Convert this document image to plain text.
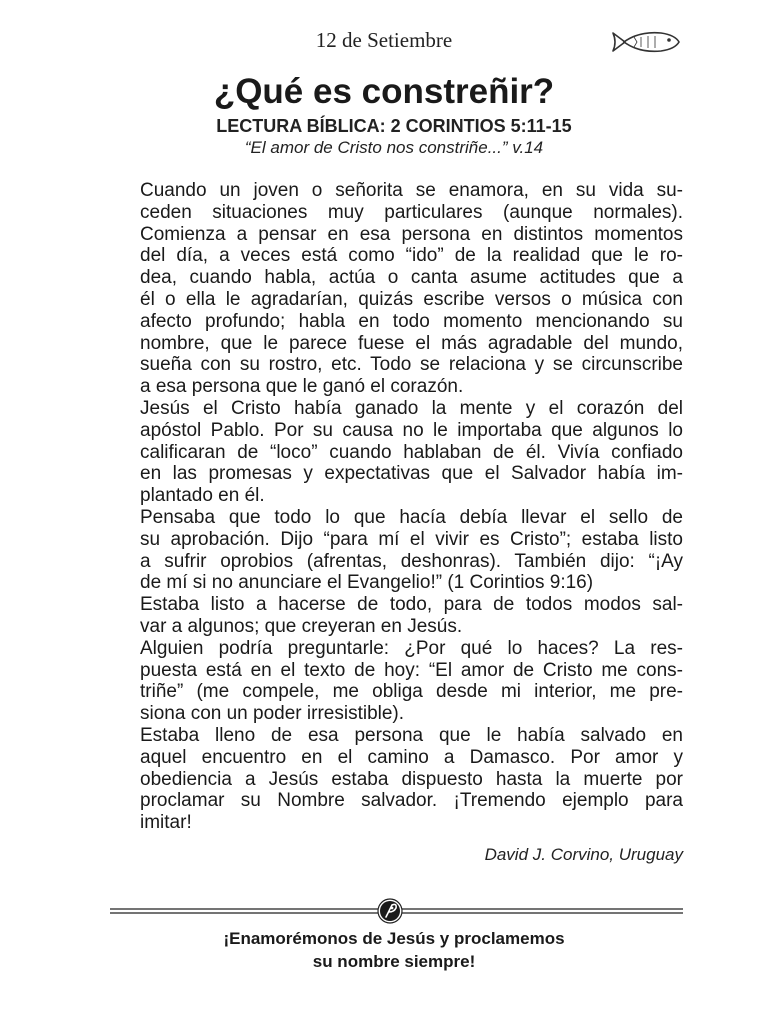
12 de Setiembre
¿Qué es constreñir?
LECTURA BÍBLICA: 2 CORINTIOS 5:11-15
“El amor de Cristo nos constriñe...” v.14

Cuando un joven o señorita se enamora, en su vida su-
ceden situaciones muy particulares (aunque normales).
Comienza a pensar en esa persona en distintos momentos
del día, a veces está como “ido” de la realidad que le ro-
dea, cuando habla, actúa o canta asume actitudes que a
él o ella le agradarían, quizás escribe versos o música con
afecto profundo; habla en todo momento mencionando su
nombre, que le parece fuese el más agradable del mundo,
sueña con su rostro, etc. Todo se relaciona y se circunscribe
a esa persona que le ganó el corazón.

Jesús el Cristo había ganado la mente y el corazón del
apóstol Pablo. Por su causa no le importaba que algunos lo
calificaran de “loco” cuando hablaban de él. Vivía confiado
en las promesas y expectativas que el Salvador había im-
plantado en él.

Pensaba que todo lo que hacía debía llevar el sello de
su aprobación. Dijo “para mí el vivir es Cristo”; estaba listo
a sufrir oprobios (afrentas, deshonras). También dijo: “¡Ay
de mí si no anunciare el Evangelio!” (1 Corintios 9:16)

Estaba listo a hacerse de todo, para de todos modos sal-
var a algunos; que creyeran en Jesús.

Alguien podría preguntarle: ¿Por qué lo haces? La res-
puesta está en el texto de hoy: “El amor de Cristo me cons-
triñe” (me compele, me obliga desde mi interior, me pre-
siona con un poder irresistible).

Estaba lleno de esa persona que le había salvado en
aquel encuentro en el camino a Damasco. Por amor y
obediencia a Jesús estaba dispuesto hasta la muerte por
proclamar su Nombre salvador. ¡Tremendo ejemplo para
imitar!

David J. Corvino, Uruguay
¡Enamorémonos de Jesús y proclamemos
su nombre siempre!
